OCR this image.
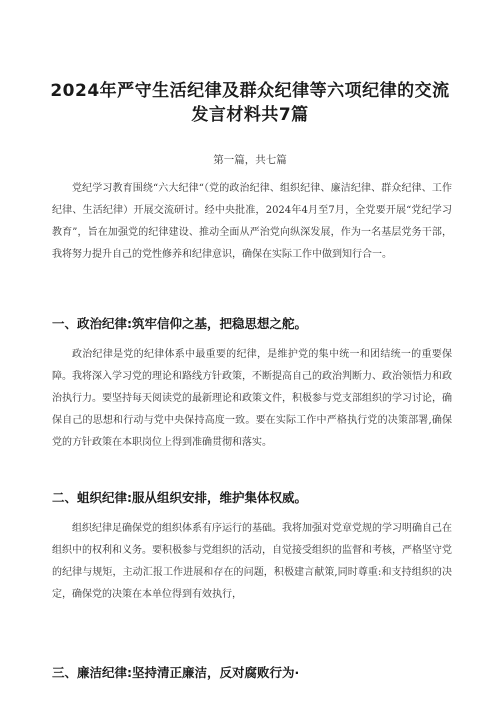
2024年严守生活纪律及群众纪律等六项纪律的交流
发言材料共7篇
第一篇，共七篇

党纪学习教育围绕“六大纪律“（党的政治纪律、组织纪律、廉洁纪律、群众纪律、工作纪律、生活纪律）开展交流研讨。经中央批准，2024年4月至7月，全党要开展“党纪学习教育”，旨在加强党的纪律建设、推动全面从严治党向纵深发展，作为一名基层党务干部，我将努力提升自己的党性修养和纪律意识，确保在实际工作中做到知行合一。

一、政治纪律:筑牢信仰之基，把稳思想之舵。

政治纪律是党的纪律体系中最重要的纪律，是维护党的集中统一和团结统一的重要保障。我将深入学习党的理论和路线方针政策，不断提高自己的政治判断力、政治领悟力和政治执行力。要坚持每天阅读党的最新理论和政策文件，积极参与党支部组织的学习讨论，确保自己的思想和行动与党中央保持高度一致。要在实际工作中严格执行党的决策部署,确保党的方针政策在本职岗位上得到准确贯彻和落实。

二、蛆织纪律:服从组织安排，维护集体权威。

组织纪律足确保党的组织体系有序运行的基础。我将加强对党章党规的学习明确自己在组织中的权利和义务。要积极参与党组织的活动，自觉接受组织的监督和考核，严格坚守党的纪律与规矩，主动汇报工作进展和存在的问题，积极建言献策,同时尊重:和支持组织的决定，确保党的决策在本单位得到有效执行，

三、廉洁纪律:坚持清正廉洁，反对腐败行为·
